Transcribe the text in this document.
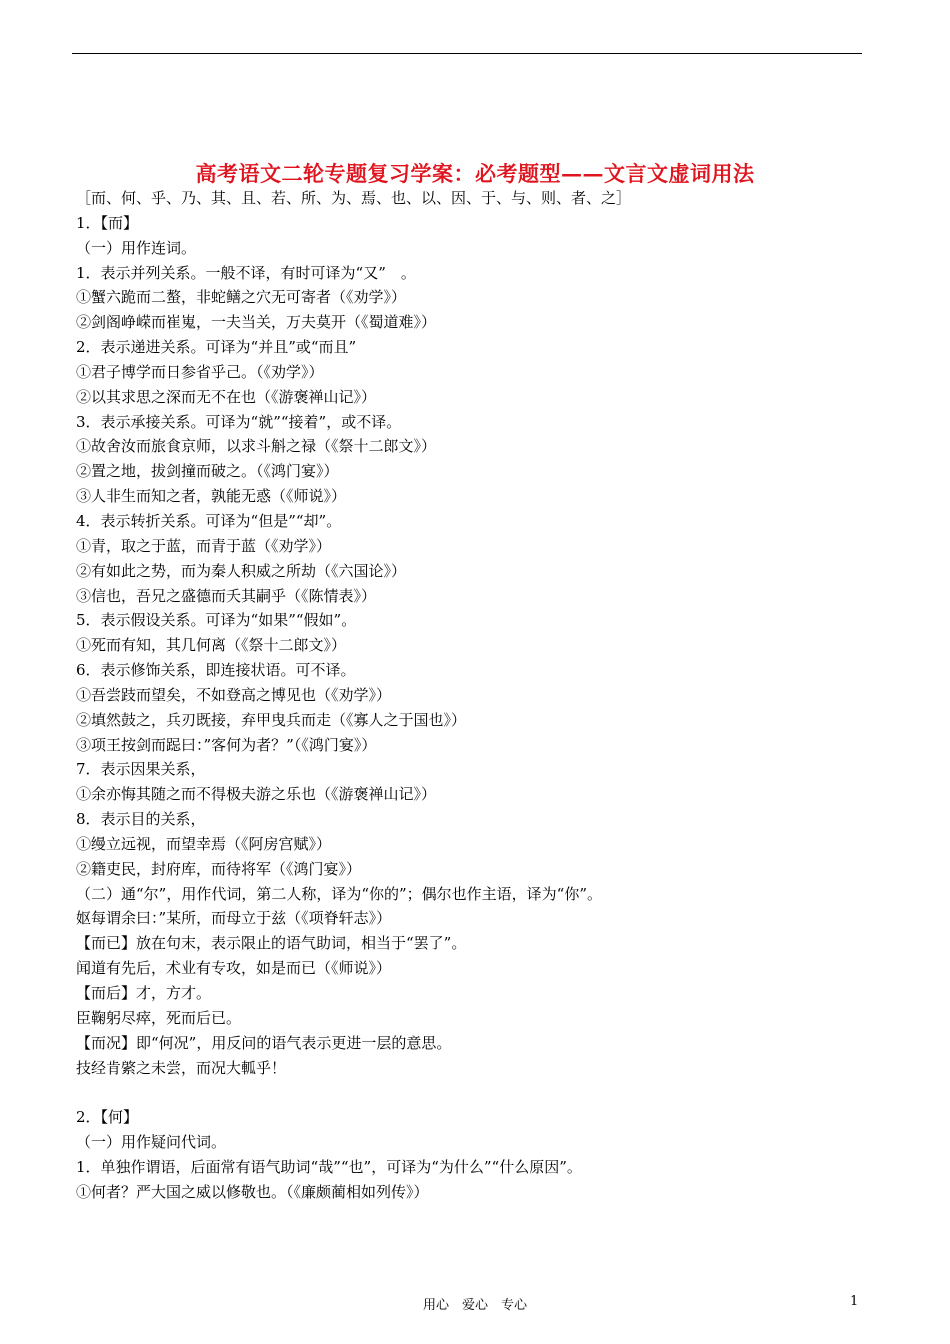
高考语文二轮专题复习学案：必考题型——文言文虚词用法
［而、何、乎、乃、其、且、若、所、为、焉、也、以、因、于、与、则、者、之］
1．【而】
（一）用作连词。
1．表示并列关系。一般不译，有时可译为“又”　。
①蟹六跪而二螯，非蛇鳝之穴无可寄者（《劝学》）
②剑阁峥嵘而崔嵬，一夫当关，万夫莫开（《蜀道难》）
2．表示递进关系。可译为“并且”或“而且”
①君子博学而日参省乎己。（《劝学》）
②以其求思之深而无不在也（《游褒禅山记》）
3．表示承接关系。可译为“就”“接着”，或不译。
①故舍汝而旅食京师，以求斗斛之禄（《祭十二郎文》）
②置之地，拔剑撞而破之。（《鸿门宴》）
③人非生而知之者，孰能无惑（《师说》）
4．表示转折关系。可译为“但是”“却”。
①青，取之于蓝，而青于蓝（《劝学》）
②有如此之势，而为秦人积威之所劫（《六国论》）
③信也，吾兄之盛德而夭其嗣乎（《陈情表》）
5．表示假设关系。可译为“如果”“假如”。
①死而有知，其几何离（《祭十二郎文》）
6．表示修饰关系，即连接状语。可不译。
①吾尝跂而望矣，不如登高之博见也（《劝学》）
②填然鼓之，兵刃既接，弃甲曳兵而走（《寡人之于国也》）
③项王按剑而跽曰：”客何为者？”（《鸿门宴》）
7．表示因果关系，
①余亦悔其随之而不得极夫游之乐也（《游褒禅山记》）
8．表示目的关系，
①缦立远视，而望幸焉（《阿房宫赋》）
②籍吏民，封府库，而待将军（《鸿门宴》）
（二）通“尔”，用作代词，第二人称，译为“你的”；偶尔也作主语，译为“你”。
妪每谓余曰：”某所，而母立于兹（《项脊轩志》）
【而已】放在句末，表示限止的语气助词，相当于“罢了”。
闻道有先后，术业有专攻，如是而已（《师说》）
【而后】才，方才。
臣鞠躬尽瘁，死而后已。
【而况】即“何况”，用反问的语气表示更进一层的意思。
技经肯綮之未尝，而况大軱乎！
2．【何】
（一）用作疑问代词。
1．单独作谓语，后面常有语气助词“哉”“也”，可译为“为什么”“什么原因”。
①何者？严大国之威以修敬也。（《廉颇蔺相如列传》）
用心　爱心　专心	1
